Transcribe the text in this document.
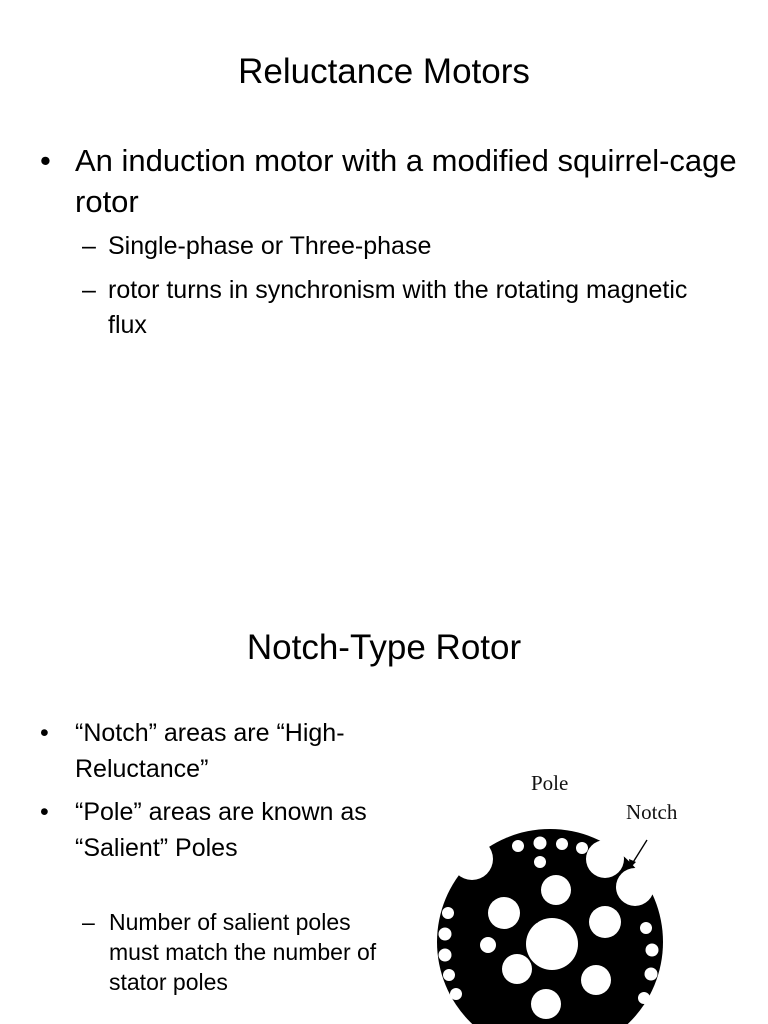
Reluctance Motors
• An induction motor with a modified squirrel-cage rotor
– Single-phase or Three-phase
– rotor turns in synchronism with the rotating magnetic flux
Notch-Type Rotor
•	“Notch” areas are “High-Reluctance”
•	“Pole” areas are known as “Salient” Poles
– Number of salient poles must match the number of stator poles
Pole
Notch
